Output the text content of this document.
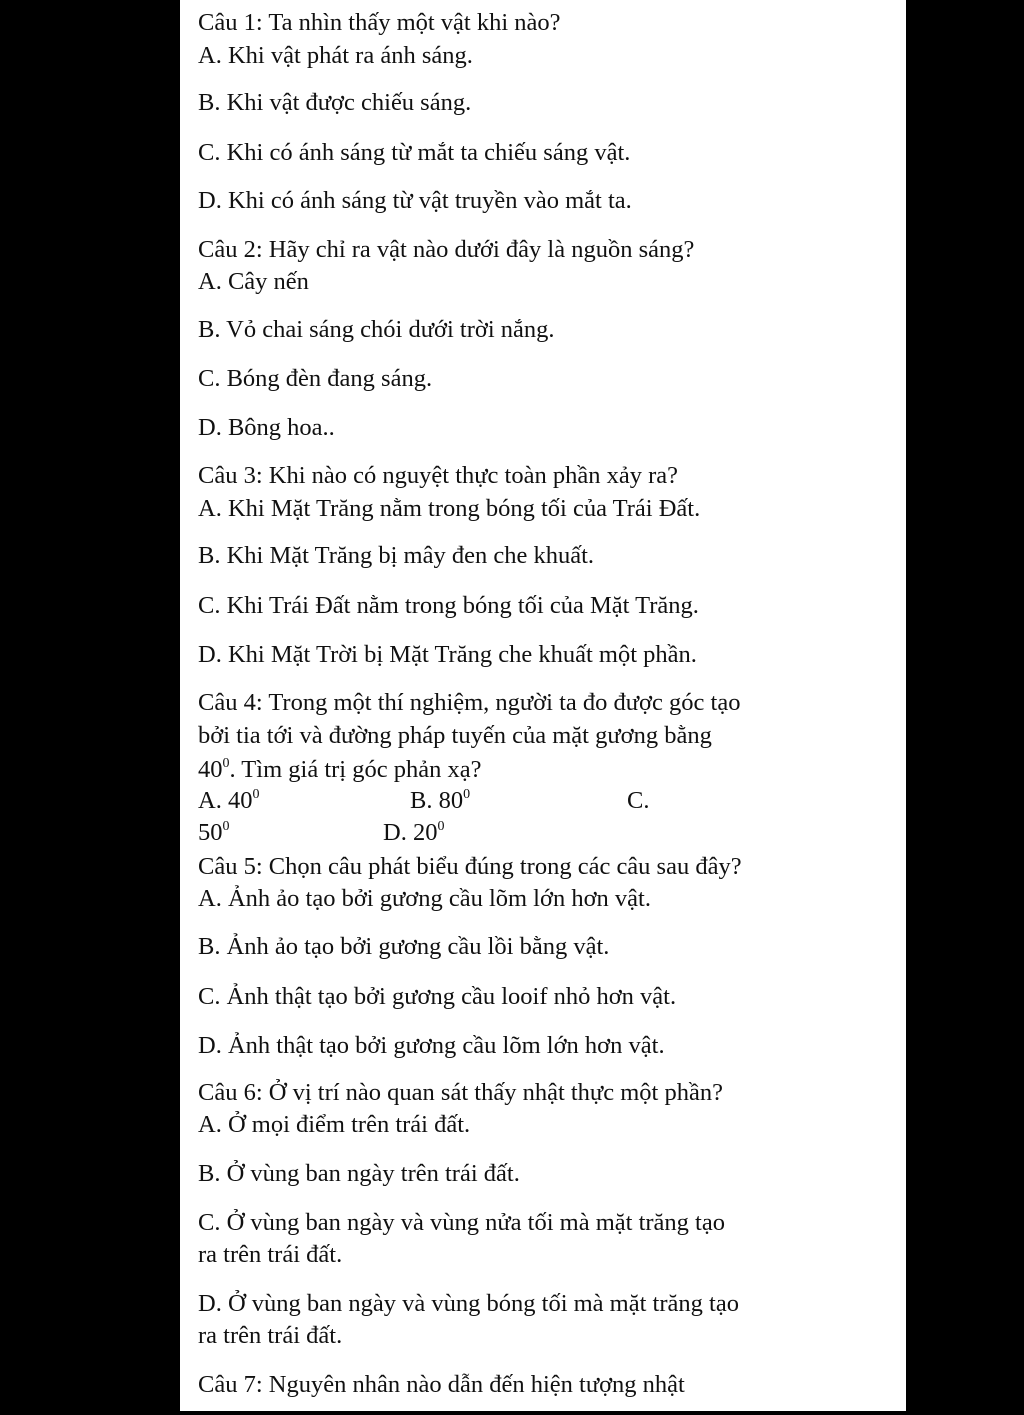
Câu 1: Ta nhìn thấy một vật khi nào?
A. Khi vật phát ra ánh sáng.
B. Khi vật được chiếu sáng.
C. Khi có ánh sáng từ mắt ta chiếu sáng vật.
D. Khi có ánh sáng từ vật truyền vào mắt ta.
Câu 2: Hãy chỉ ra vật nào dưới đây là nguồn sáng?
A. Cây nến
B. Vỏ chai sáng chói dưới trời nắng.
C. Bóng đèn đang sáng.
D. Bông hoa..
Câu 3: Khi nào có nguyệt thực toàn phần xảy ra?
A. Khi Mặt Trăng nằm trong bóng tối của Trái Đất.
B. Khi Mặt Trăng bị mây đen che khuất.
C. Khi Trái Đất nằm trong bóng tối của Mặt Trăng.
D. Khi Mặt Trời bị Mặt Trăng che khuất một phần.
Câu 4: Trong một thí nghiệm, người ta đo được góc tạo
bởi tia tới và đường pháp tuyến của mặt gương bằng
$40^0$. Tìm giá trị góc phản xạ?
A. $40^0$	B. $80^0$	C.
$50^0$	D. $20^0$
Câu 5: Chọn câu phát biểu đúng trong các câu sau đây?
A. Ảnh ảo tạo bởi gương cầu lõm lớn hơn vật.
B. Ảnh ảo tạo bởi gương cầu lồi bằng vật.
C. Ảnh thật tạo bởi gương cầu looif nhỏ hơn vật.
D. Ảnh thật tạo bởi gương cầu lõm lớn hơn vật.
Câu 6: Ở vị trí nào quan sát thấy nhật thực một phần?
A. Ở mọi điểm trên trái đất.
B. Ở vùng ban ngày trên trái đất.
C. Ở vùng ban ngày và vùng nửa tối mà mặt trăng tạo
ra trên trái đất.
D. Ở vùng ban ngày và vùng bóng tối mà mặt trăng tạo
ra trên trái đất.
Câu 7: Nguyên nhân nào dẫn đến hiện tượng nhật
